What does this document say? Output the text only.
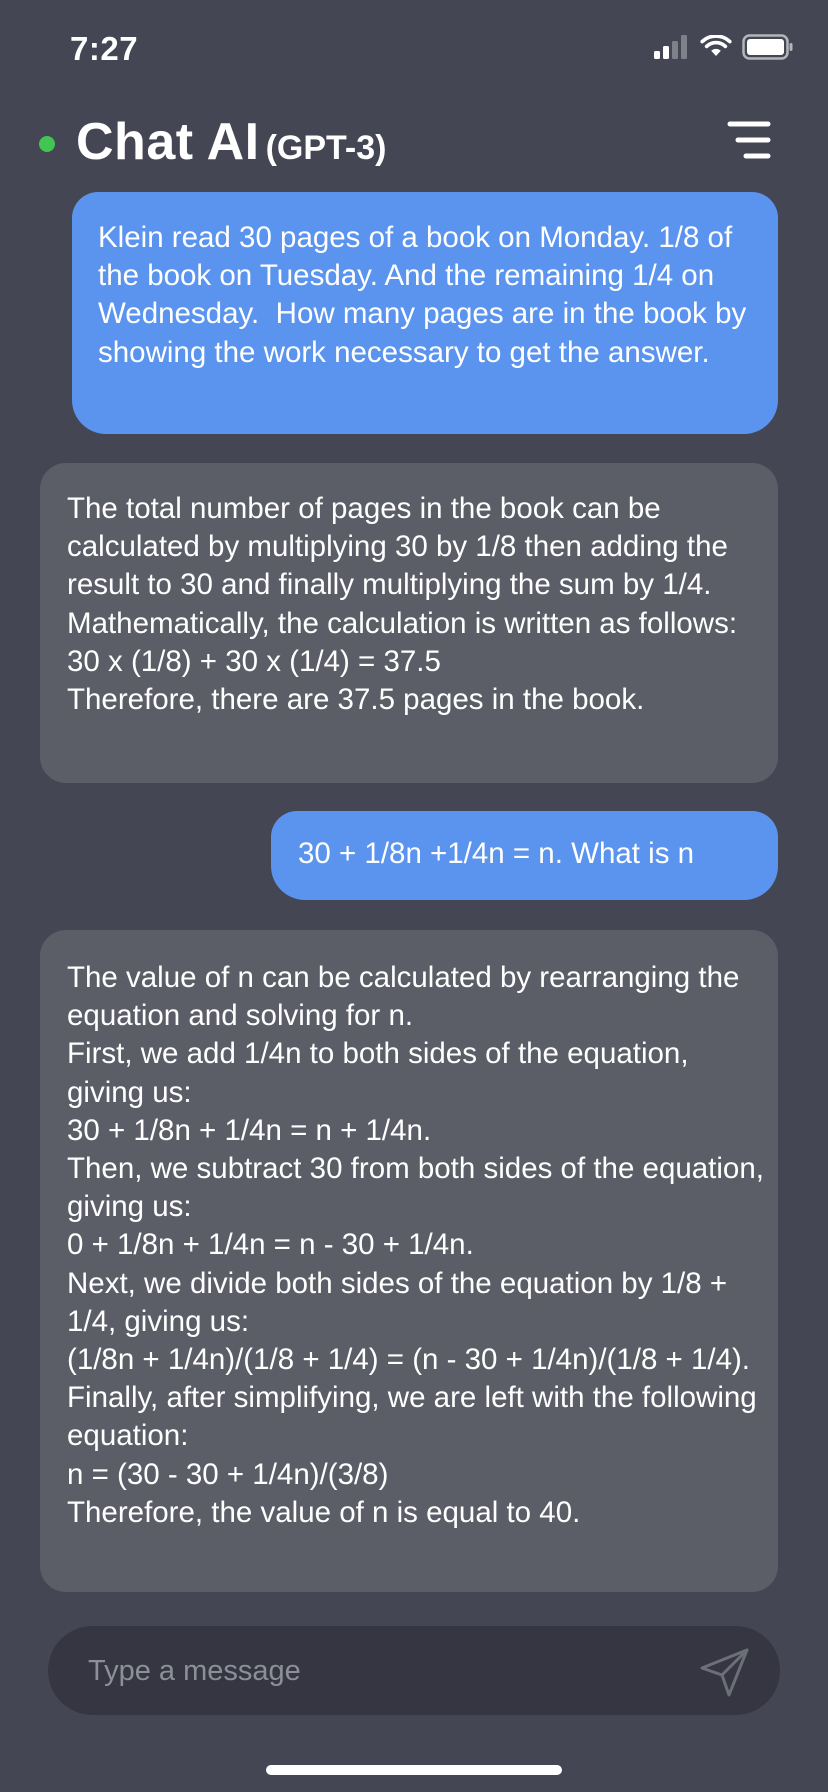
7:27
Chat AI (GPT-3)
Klein read 30 pages of a book on Monday. 1/8 of the book on Tuesday. And the remaining 1/4 on Wednesday.  How many pages are in the book by showing the work necessary to get the answer.
The total number of pages in the book can be calculated by multiplying 30 by 1/8 then adding the result to 30 and finally multiplying the sum by 1/4. Mathematically, the calculation is written as follows:
30 x (1/8) + 30 x (1/4) = 37.5
Therefore, there are 37.5 pages in the book.
30 + 1/8n +1/4n = n. What is n
The value of n can be calculated by rearranging the equation and solving for n.
First, we add 1/4n to both sides of the equation, giving us:
30 + 1/8n + 1/4n = n + 1/4n.
Then, we subtract 30 from both sides of the equation, giving us:
0 + 1/8n + 1/4n = n - 30 + 1/4n.
Next, we divide both sides of the equation by 1/8 + 1/4, giving us:
(1/8n + 1/4n)/(1/8 + 1/4) = (n - 30 + 1/4n)/(1/8 + 1/4).
Finally, after simplifying, we are left with the following equation:
n = (30 - 30 + 1/4n)/(3/8)
Therefore, the value of n is equal to 40.
Type a message
